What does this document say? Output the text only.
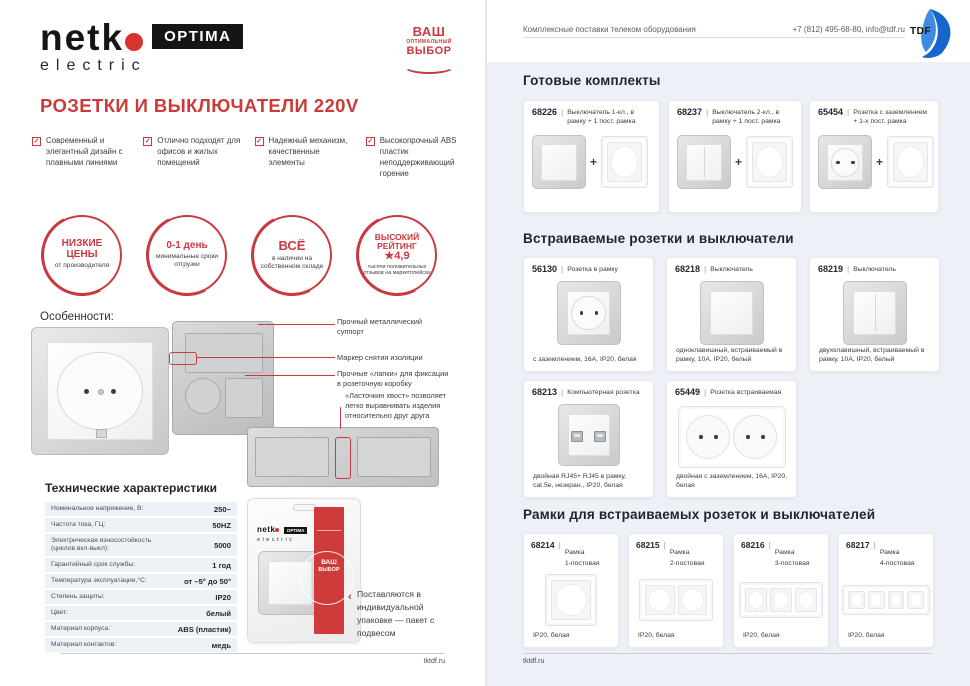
netk	OPTIMA
electric
ВАШ
ОПТИМАЛЬНЫЙ
ВЫБОР
РОЗЕТКИ И ВЫКЛЮЧАТЕЛИ 220V
✓ Современный и элегантный дизайн с плавными линиями
✓ Отлично подходят для офисов и жилых помещений
✓ Надежный механизм, качественные элементы
✓ Высокопрочный ABS пластик неподдерживающий горение
НИЗКИЕ ЦЕНЫ
от производителя
0-1 день
минимальные сроки отгрузки
ВСЁ
в наличии на собственном складе
ВЫСОКИЙ РЕЙТИНГ
★4,9
тысячи положительных отзывов на маркетплейсах
Особенности:	Прочный металлический суппорт
Маркер снятия изоляции
Прочные «лапки» для фиксации в розеточную коробку
«Ласточкин хвост» позволяет легко выравнивать изделия относительно друг друга
Технические характеристики
Номинальное напряжение, В:	250~
Частота тока, ГЦ:	50HZ
Электрическая износостойкость (циклов вкл-выкл):	5000
Гарантийный срок службы:	1 год
Температура эксплуатации,°С:	от –5° до 50°
Степень защиты:	IP20
Цвет:	белый
Материал корпуса:	ABS (пластик)
Материал контактов:	медь
netk	OPTIMA
electric
ВАШ
ВЫБОР
‹ Поставляются в индивидуальной упаковке — пакет с подвесом
tktdf.ru
Комплексные поставки телеком оборудования	+7 (812) 495-68-80, info@tdf.ru TDF
Готовые комплекты
68226 | Выключатель 1-кл., в рамку + 1 пост. рамка
+
68237 | Выключатель 2-кл., в рамку + 1 пост. рамка
+
65454 | Розетка с заземлением + 1-х пост. рамка
+
Встраиваемые розетки и выключатели
56130 | Розетка в рамку
с заземлением, 16А, IP20, белая
68218 | Выключатель
одноклавишный, встраиваемый в рамку, 10А, IP20, белый
68219 | Выключатель
двухклавишный, встраиваемый в рамку, 10А, IP20, белый
68213 | Компьютерная розетка
двойная RJ45+ RJ45 в рамку, cat.5e, неэкран., IP20, белая
65449 | Розетка встраиваемая
двойная с заземлением, 16А, IP20, белая
Рамки для встраиваемых розеток и выключателей
68214 |
Рамка
1-постовая
IP20, белая
68215 |
Рамка
2-постовая
IP20, белая
68216 |
Рамка
3-постовая
IP20, белая
68217 |
Рамка
4-постовая
IP20, белая
tktdf.ru
